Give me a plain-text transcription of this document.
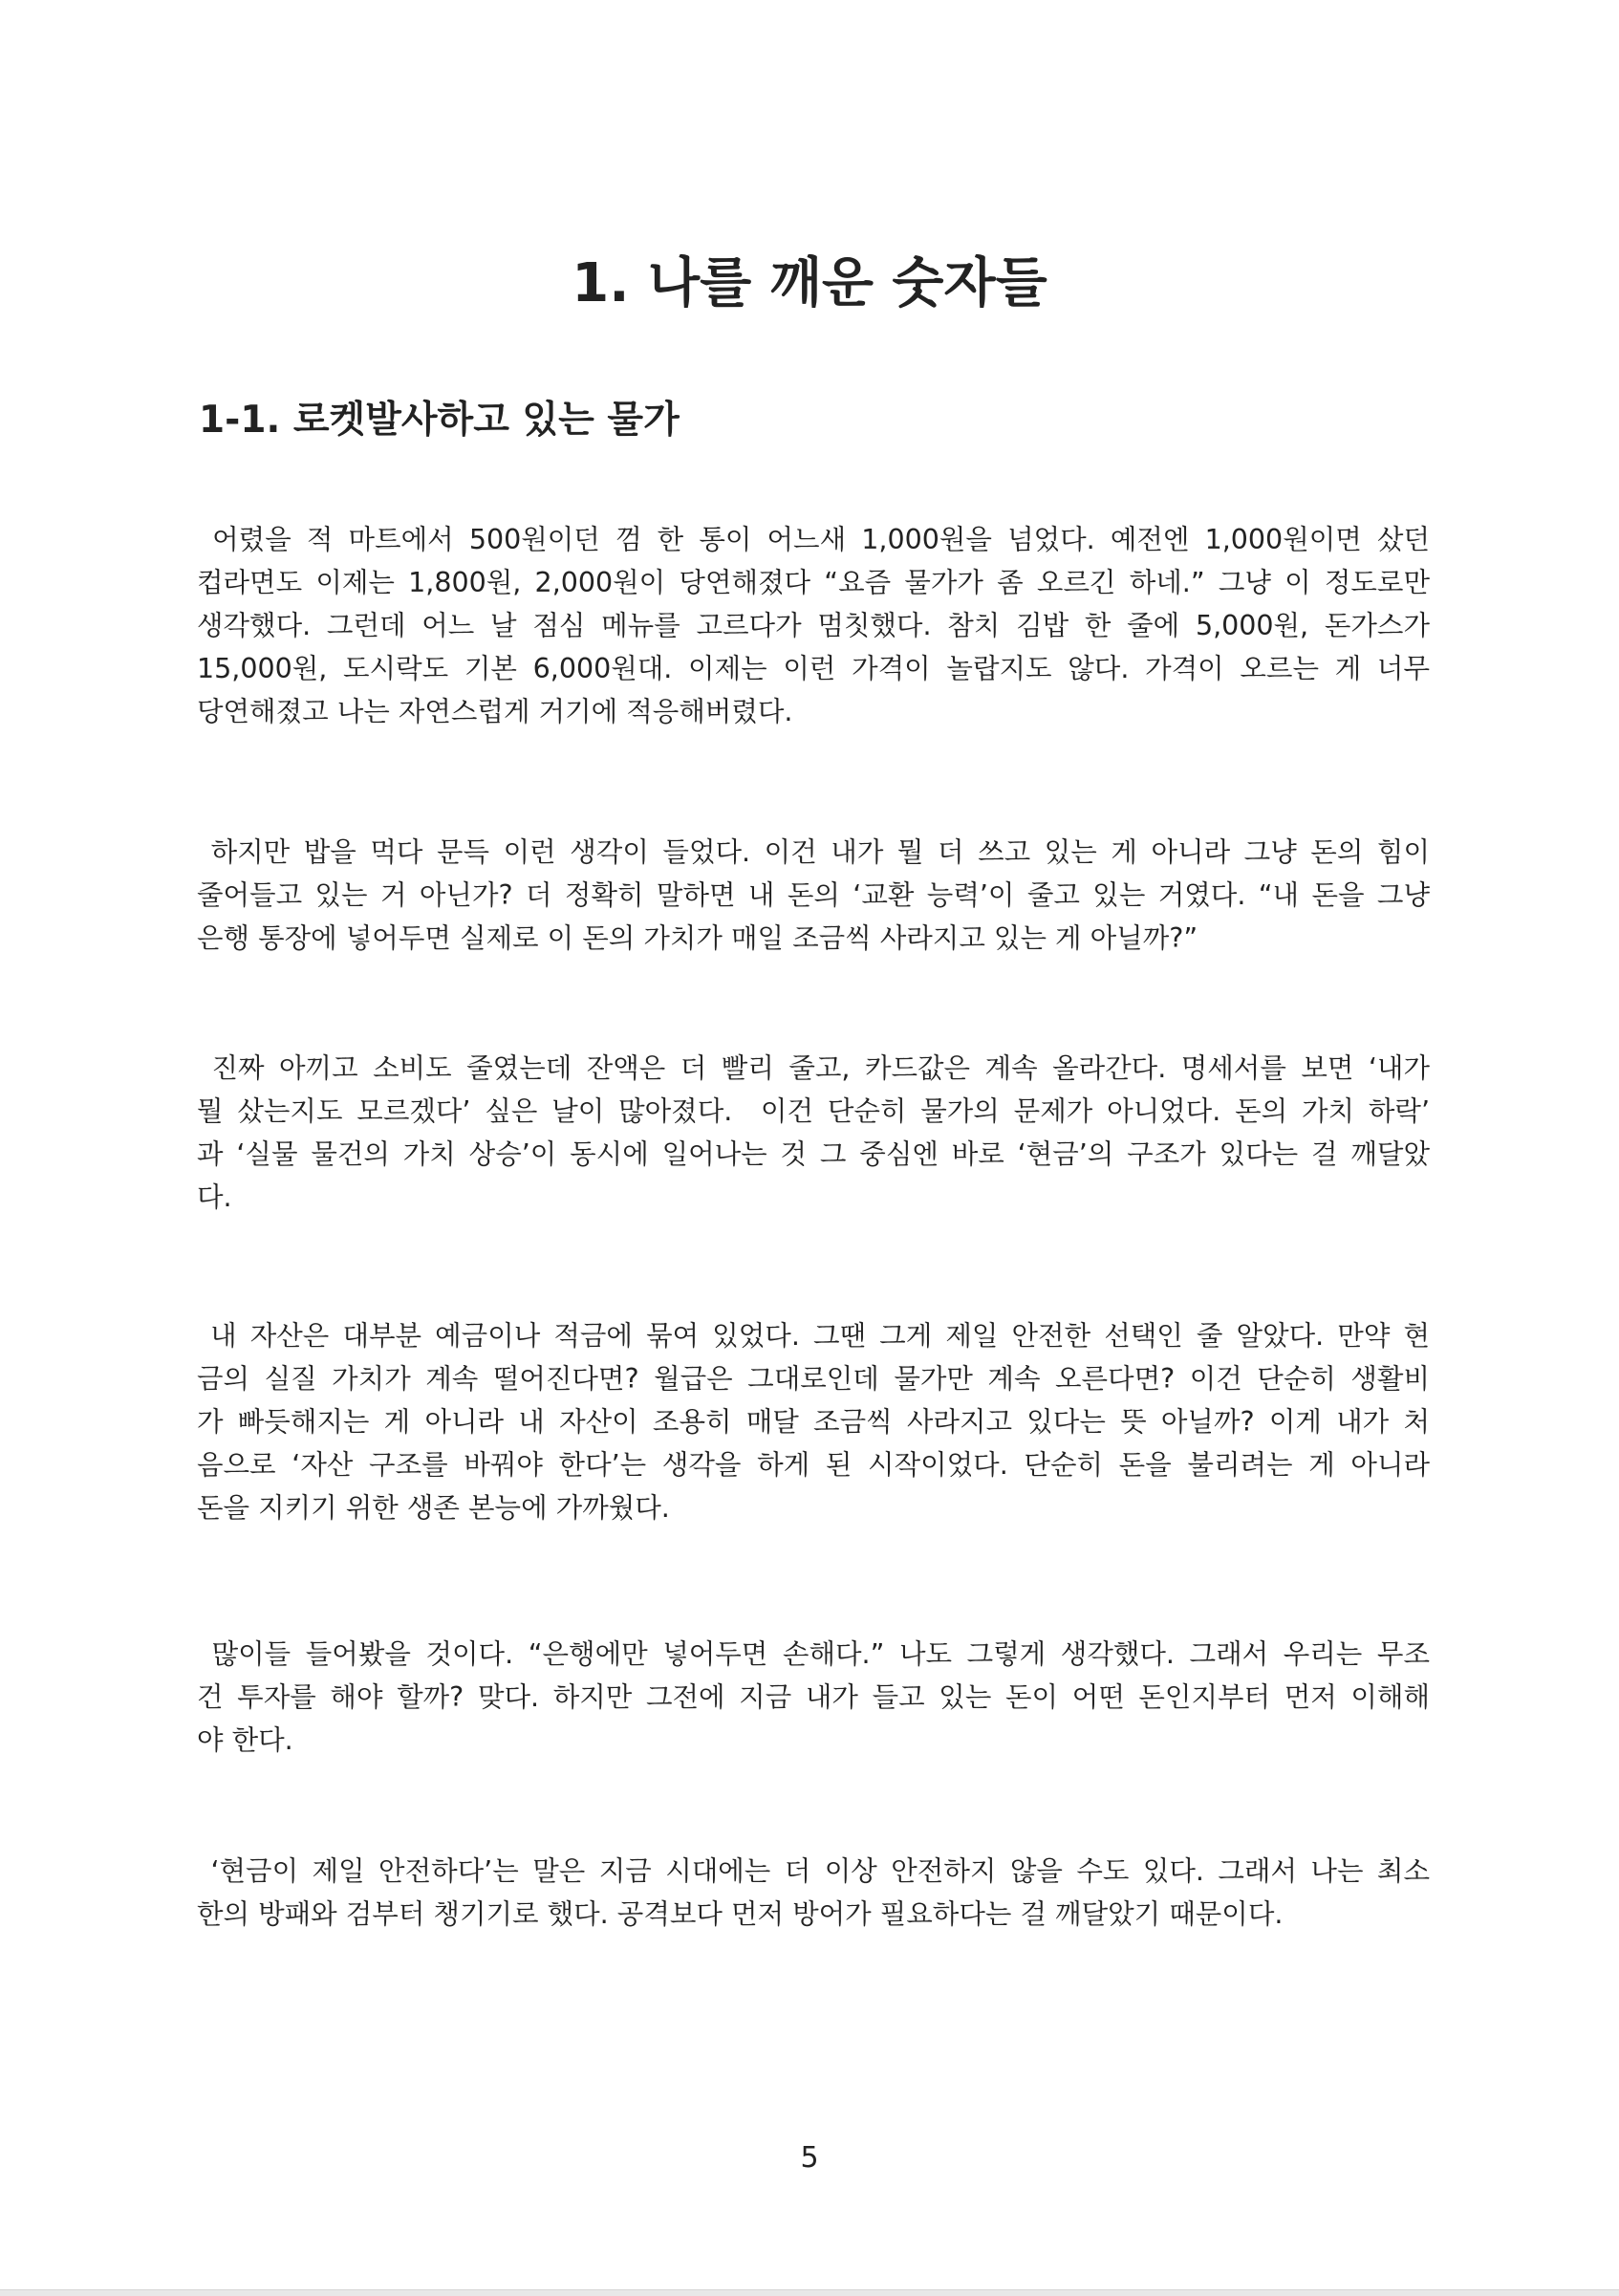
1. 나를 깨운 숫자들
1-1. 로켓발사하고 있는 물가
어렸을 적 마트에서 500원이던 껌 한 통이 어느새 1,000원을 넘었다. 예전엔 1,000원이면 샀던
컵라면도 이제는 1,800원, 2,000원이 당연해졌다 “요즘 물가가 좀 오르긴 하네.” 그냥 이 정도로만
생각했다. 그런데 어느 날 점심 메뉴를 고르다가 멈칫했다. 참치 김밥 한 줄에 5,000원, 돈가스가
15,000원, 도시락도 기본 6,000원대. 이제는 이런 가격이 놀랍지도 않다. 가격이 오르는 게 너무
당연해졌고 나는 자연스럽게 거기에 적응해버렸다.
하지만 밥을 먹다 문득 이런 생각이 들었다. 이건 내가 뭘 더 쓰고 있는 게 아니라 그냥 돈의 힘이
줄어들고 있는 거 아닌가? 더 정확히 말하면 내 돈의 ‘교환 능력’이 줄고 있는 거였다. “내 돈을 그냥
은행 통장에 넣어두면 실제로 이 돈의 가치가 매일 조금씩 사라지고 있는 게 아닐까?”
진짜 아끼고 소비도 줄였는데 잔액은 더 빨리 줄고, 카드값은 계속 올라간다. 명세서를 보면 ‘내가
뭘 샀는지도 모르겠다’ 싶은 날이 많아졌다.  이건 단순히 물가의 문제가 아니었다. 돈의 가치 하락’
과 ‘실물 물건의 가치 상승’이 동시에 일어나는 것 그 중심엔 바로 ‘현금’의 구조가 있다는 걸 깨달았
다.
내 자산은 대부분 예금이나 적금에 묶여 있었다. 그땐 그게 제일 안전한 선택인 줄 알았다. 만약 현
금의 실질 가치가 계속 떨어진다면? 월급은 그대로인데 물가만 계속 오른다면? 이건 단순히 생활비
가 빠듯해지는 게 아니라 내 자산이 조용히 매달 조금씩 사라지고 있다는 뜻 아닐까? 이게 내가 처
음으로 ‘자산 구조를 바꿔야 한다’는 생각을 하게 된 시작이었다. 단순히 돈을 불리려는 게 아니라
돈을 지키기 위한 생존 본능에 가까웠다.
많이들 들어봤을 것이다. “은행에만 넣어두면 손해다.” 나도 그렇게 생각했다. 그래서 우리는 무조
건 투자를 해야 할까? 맞다. 하지만 그전에 지금 내가 들고 있는 돈이 어떤 돈인지부터 먼저 이해해
야 한다.
‘현금이 제일 안전하다’는 말은 지금 시대에는 더 이상 안전하지 않을 수도 있다. 그래서 나는 최소
한의 방패와 검부터 챙기기로 했다. 공격보다 먼저 방어가 필요하다는 걸 깨달았기 때문이다.
5
